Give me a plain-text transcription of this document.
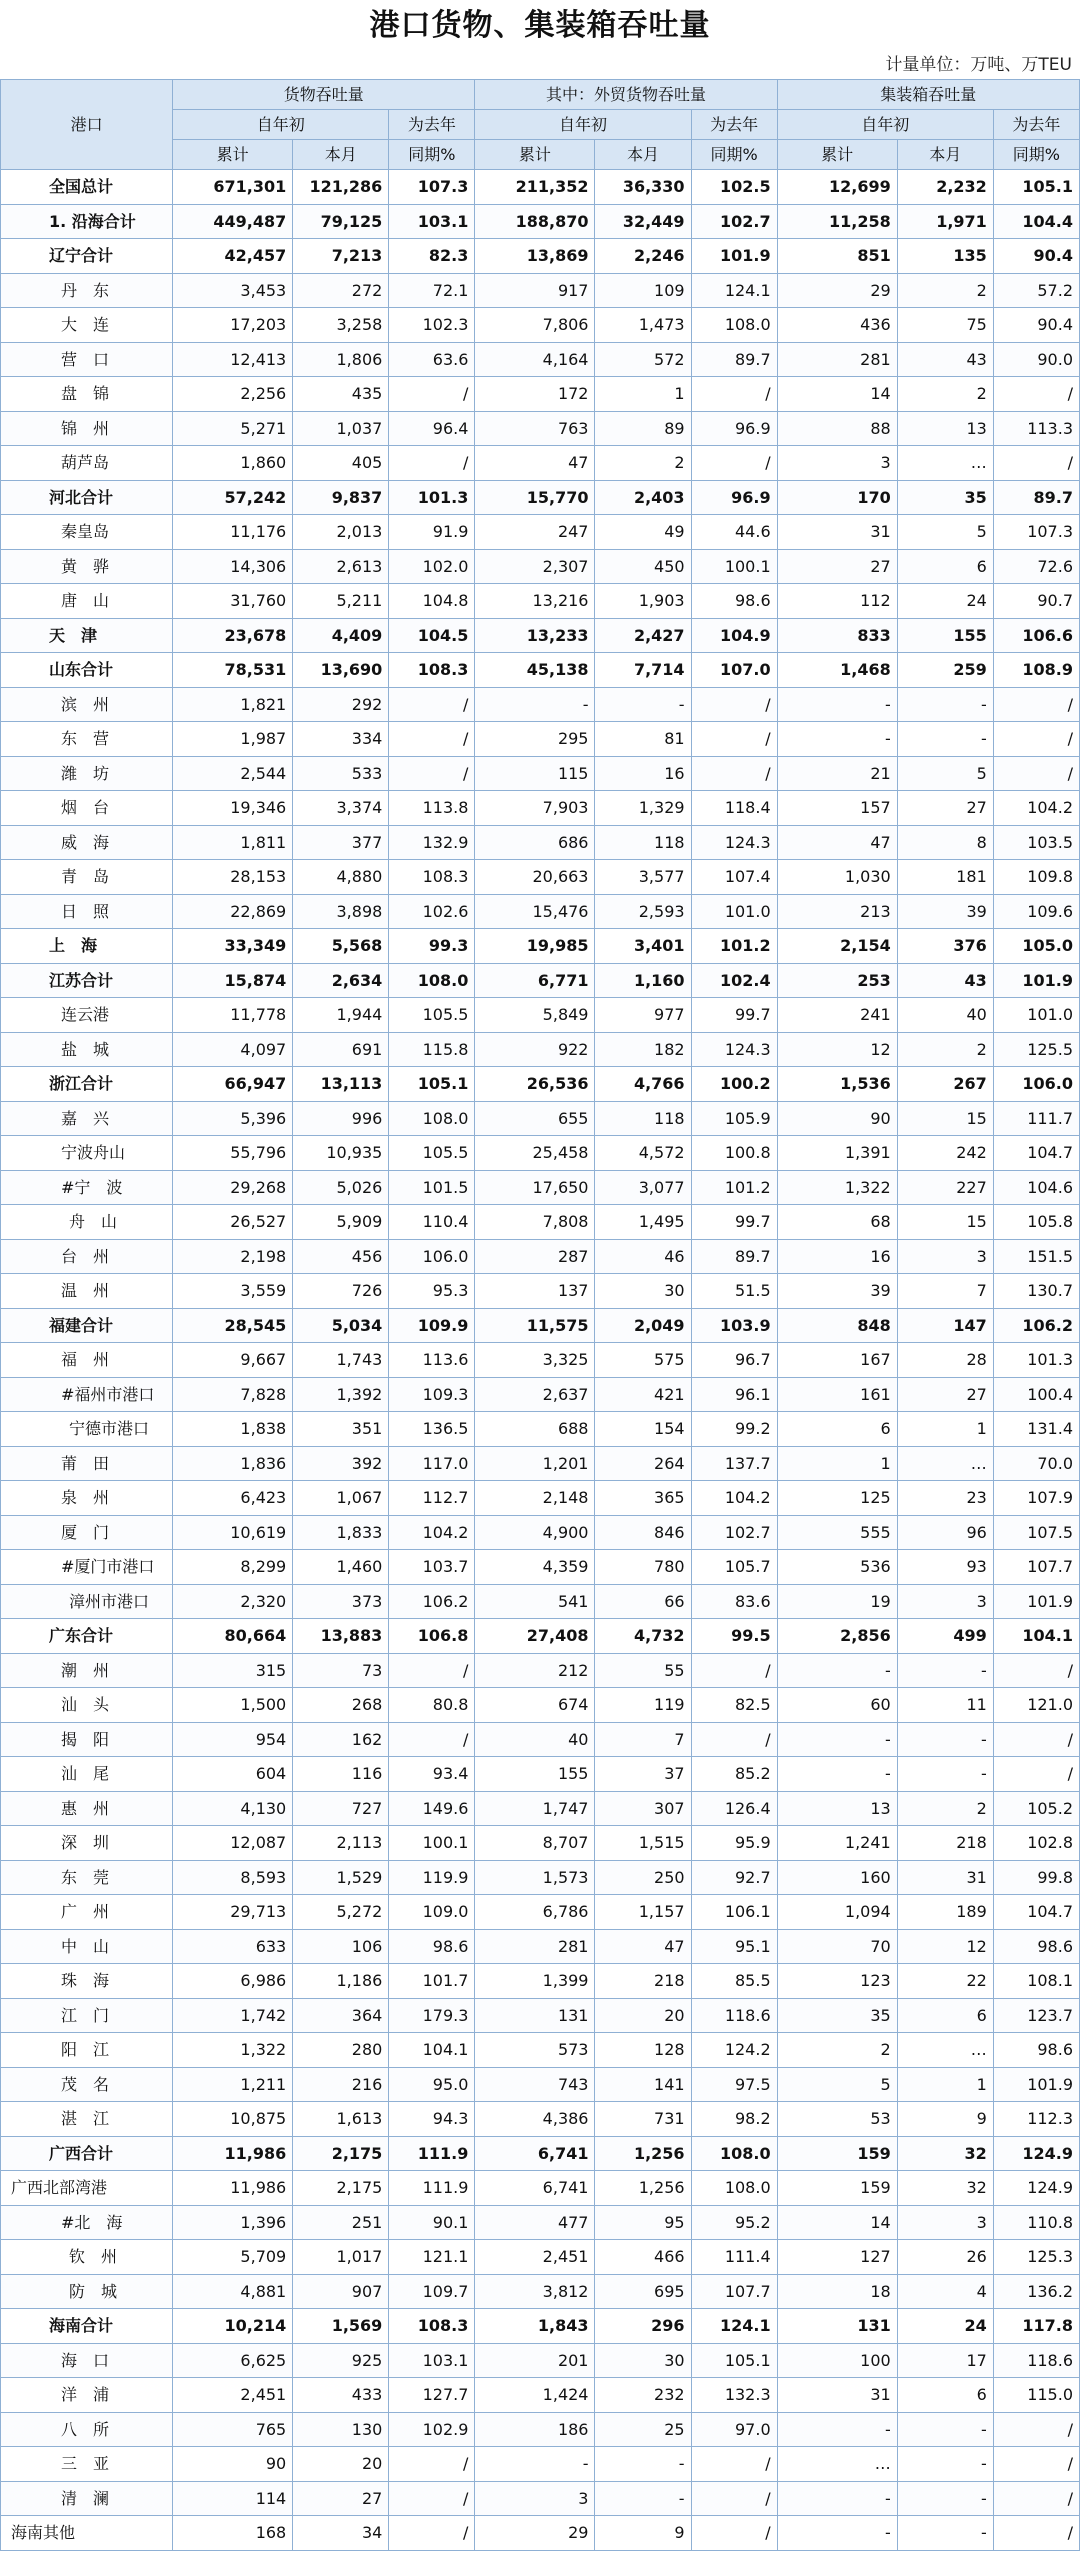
港口货物、集装箱吞吐量
计量单位：万吨、万TEU
港口	货物吞吐量			其中：外贸货物吞吐量			集装箱吞吐量		
	自年初		为去年	自年初		为去年	自年初		为去年
	累计	本月	同期%	累计	本月	同期%	累计	本月	同期%
全国总计	671,301	121,286	107.3	211,352	36,330	102.5	12,699	2,232	105.1
1. 沿海合计	449,487	79,125	103.1	188,870	32,449	102.7	11,258	1,971	104.4
辽宁合计	42,457	7,213	82.3	13,869	2,246	101.9	851	135	90.4
丹　东	3,453	272	72.1	917	109	124.1	29	2	57.2
大　连	17,203	3,258	102.3	7,806	1,473	108.0	436	75	90.4
营　口	12,413	1,806	63.6	4,164	572	89.7	281	43	90.0
盘　锦	2,256	435	/	172	1	/	14	2	/
锦　州	5,271	1,037	96.4	763	89	96.9	88	13	113.3
葫芦岛	1,860	405	/	47	2	/	3	…	/
河北合计	57,242	9,837	101.3	15,770	2,403	96.9	170	35	89.7
秦皇岛	11,176	2,013	91.9	247	49	44.6	31	5	107.3
黄　骅	14,306	2,613	102.0	2,307	450	100.1	27	6	72.6
唐　山	31,760	5,211	104.8	13,216	1,903	98.6	112	24	90.7
天　津	23,678	4,409	104.5	13,233	2,427	104.9	833	155	106.6
山东合计	78,531	13,690	108.3	45,138	7,714	107.0	1,468	259	108.9
滨　州	1,821	292	/	-	-	/	-	-	/
东　营	1,987	334	/	295	81	/	-	-	/
潍　坊	2,544	533	/	115	16	/	21	5	/
烟　台	19,346	3,374	113.8	7,903	1,329	118.4	157	27	104.2
威　海	1,811	377	132.9	686	118	124.3	47	8	103.5
青　岛	28,153	4,880	108.3	20,663	3,577	107.4	1,030	181	109.8
日　照	22,869	3,898	102.6	15,476	2,593	101.0	213	39	109.6
上　海	33,349	5,568	99.3	19,985	3,401	101.2	2,154	376	105.0
江苏合计	15,874	2,634	108.0	6,771	1,160	102.4	253	43	101.9
连云港	11,778	1,944	105.5	5,849	977	99.7	241	40	101.0
盐　城	4,097	691	115.8	922	182	124.3	12	2	125.5
浙江合计	66,947	13,113	105.1	26,536	4,766	100.2	1,536	267	106.0
嘉　兴	5,396	996	108.0	655	118	105.9	90	15	111.7
宁波舟山	55,796	10,935	105.5	25,458	4,572	100.8	1,391	242	104.7
#宁　波	29,268	5,026	101.5	17,650	3,077	101.2	1,322	227	104.6
舟　山	26,527	5,909	110.4	7,808	1,495	99.7	68	15	105.8
台　州	2,198	456	106.0	287	46	89.7	16	3	151.5
温　州	3,559	726	95.3	137	30	51.5	39	7	130.7
福建合计	28,545	5,034	109.9	11,575	2,049	103.9	848	147	106.2
福　州	9,667	1,743	113.6	3,325	575	96.7	167	28	101.3
#福州市港口	7,828	1,392	109.3	2,637	421	96.1	161	27	100.4
宁德市港口	1,838	351	136.5	688	154	99.2	6	1	131.4
莆　田	1,836	392	117.0	1,201	264	137.7	1	…	70.0
泉　州	6,423	1,067	112.7	2,148	365	104.2	125	23	107.9
厦　门	10,619	1,833	104.2	4,900	846	102.7	555	96	107.5
#厦门市港口	8,299	1,460	103.7	4,359	780	105.7	536	93	107.7
漳州市港口	2,320	373	106.2	541	66	83.6	19	3	101.9
广东合计	80,664	13,883	106.8	27,408	4,732	99.5	2,856	499	104.1
潮　州	315	73	/	212	55	/	-	-	/
汕　头	1,500	268	80.8	674	119	82.5	60	11	121.0
揭　阳	954	162	/	40	7	/	-	-	/
汕　尾	604	116	93.4	155	37	85.2	-	-	/
惠　州	4,130	727	149.6	1,747	307	126.4	13	2	105.2
深　圳	12,087	2,113	100.1	8,707	1,515	95.9	1,241	218	102.8
东　莞	8,593	1,529	119.9	1,573	250	92.7	160	31	99.8
广　州	29,713	5,272	109.0	6,786	1,157	106.1	1,094	189	104.7
中　山	633	106	98.6	281	47	95.1	70	12	98.6
珠　海	6,986	1,186	101.7	1,399	218	85.5	123	22	108.1
江　门	1,742	364	179.3	131	20	118.6	35	6	123.7
阳　江	1,322	280	104.1	573	128	124.2	2	…	98.6
茂　名	1,211	216	95.0	743	141	97.5	5	1	101.9
湛　江	10,875	1,613	94.3	4,386	731	98.2	53	9	112.3
广西合计	11,986	2,175	111.9	6,741	1,256	108.0	159	32	124.9
广西北部湾港	11,986	2,175	111.9	6,741	1,256	108.0	159	32	124.9
#北　海	1,396	251	90.1	477	95	95.2	14	3	110.8
钦　州	5,709	1,017	121.1	2,451	466	111.4	127	26	125.3
防　城	4,881	907	109.7	3,812	695	107.7	18	4	136.2
海南合计	10,214	1,569	108.3	1,843	296	124.1	131	24	117.8
海　口	6,625	925	103.1	201	30	105.1	100	17	118.6
洋　浦	2,451	433	127.7	1,424	232	132.3	31	6	115.0
八　所	765	130	102.9	186	25	97.0	-	-	/
三　亚	90	20	/	-	-	/	…	-	/
清　澜	114	27	/	3	-	/	-	-	/
海南其他	168	34	/	29	9	/	-	-	/
